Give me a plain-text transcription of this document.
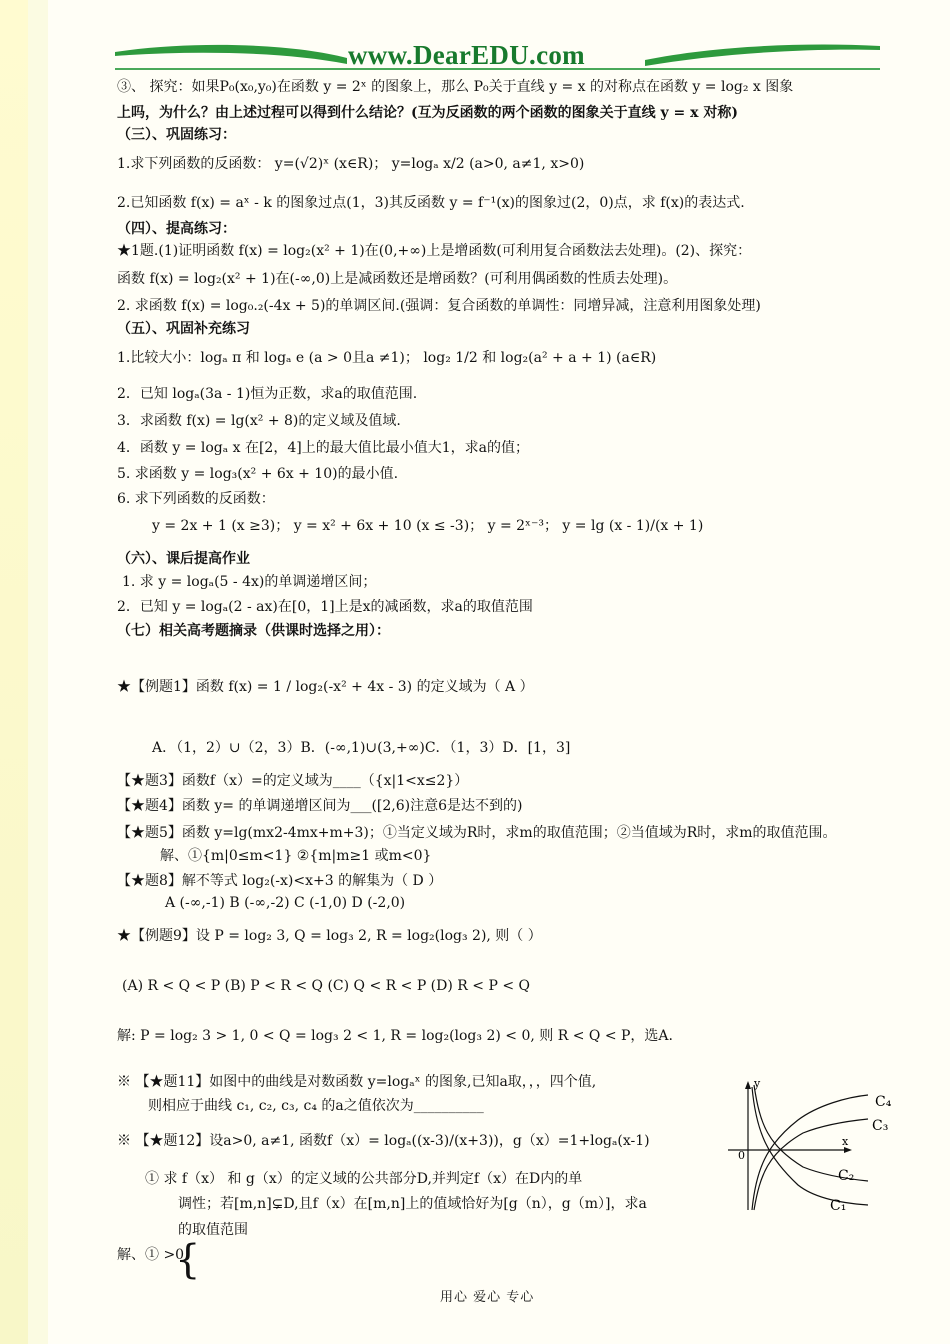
www.DearEDU.com
③、 探究：如果P₀(x₀,y₀)在函数 y = 2ˣ 的图象上，那么 P₀关于直线 y = x 的对称点在函数 y = log₂ x 图象
上吗，为什么？由上述过程可以得到什么结论？(互为反函数的两个函数的图象关于直线 y = x 对称)
（三）、巩固练习：
1.求下列函数的反函数： y=(√2)ˣ (x∈R)； y=logₐ x/2 (a>0, a≠1, x>0)
2.已知函数 f(x) = aˣ - k 的图象过点(1，3)其反函数 y = f⁻¹(x)的图象过(2，0)点，求 f(x)的表达式.
（四）、提高练习：
★1题.(1)证明函数 f(x) = log₂(x² + 1)在(0,+∞)上是增函数(可利用复合函数法去处理)。(2)、探究：
函数 f(x) = log₂(x² + 1)在(-∞,0)上是减函数还是增函数？(可利用偶函数的性质去处理)。
2. 求函数 f(x) = log₀.₂(-4x + 5)的单调区间.(强调：复合函数的单调性：同增异减，注意利用图象处理)
（五）、巩固补充练习
1.比较大小：logₐ π 和 logₐ e (a > 0且a ≠1)； log₂ 1/2 和 log₂(a² + a + 1) (a∈R)
2．已知 logₐ(3a - 1)恒为正数，求a的取值范围.
3．求函数 f(x) = lg(x² + 8)的定义域及值域.
4．函数 y = logₐ x 在[2，4]上的最大值比最小值大1，求a的值；
5. 求函数 y = log₃(x² + 6x + 10)的最小值.
6. 求下列函数的反函数：
y = 2x + 1 (x ≥3)； y = x² + 6x + 10 (x ≤ -3)； y = 2ˣ⁻³； y = lg (x - 1)/(x + 1)
（六）、课后提高作业
1. 求 y = logₐ(5 - 4x)的单调递增区间；
2．已知 y = logₐ(2 - ax)在[0，1]上是x的减函数，求a的取值范围
（七）相关高考题摘录（供课时选择之用）：
★【例题1】函数 f(x) = 1 / log₂(-x² + 4x - 3) 的定义域为（ A ）
A．（1，2）∪（2，3）B．(-∞,1)∪(3,+∞)C．（1，3）D．[1，3]
【★题3】函数f（x）=的定义域为____（{x|1<x≤2}）
【★题4】函数 y= 的单调递增区间为___([2,6)注意6是达不到的)
【★题5】函数 y=lg(mx2-4mx+m+3)；①当定义域为R时，求m的取值范围；②当值域为R时，求m的取值范围。
解、①{m|0≤m<1} ②{m|m≥1 或m<0}
【★题8】解不等式 log₂(-x)<x+3 的解集为（ D ）
A (-∞,-1) B (-∞,-2) C (-1,0) D (-2,0)
★【例题9】设 P = log₂ 3, Q = log₃ 2, R = log₂(log₃ 2), 则（ ）
(A) R < Q < P (B) P < R < Q (C) Q < R < P (D) R < P < Q
解: P = log₂ 3 > 1, 0 < Q = log₃ 2 < 1, R = log₂(log₃ 2) < 0, 则 R < Q < P，选A.
※ 【★题11】如图中的曲线是对数函数 y=logₐˣ 的图象,已知a取，，，四个值,
则相应于曲线 c₁, c₂, c₃, c₄ 的a之值依次为__________
※ 【★题12】设a>0, a≠1, 函数f（x）= logₐ((x-3)/(x+3))，g（x）=1+logₐ(x-1)
① 求 f（x） 和 g（x）的定义域的公共部分D,并判定f（x）在D内的单
调性；若[m,n]⊊D,且f（x）在[m,n]上的值域恰好为[g（n），g（m）]，求a
的取值范围
解、① >0
{
y
x
0
C₄
C₃
C₂
C₁
用心 爱心 专心
